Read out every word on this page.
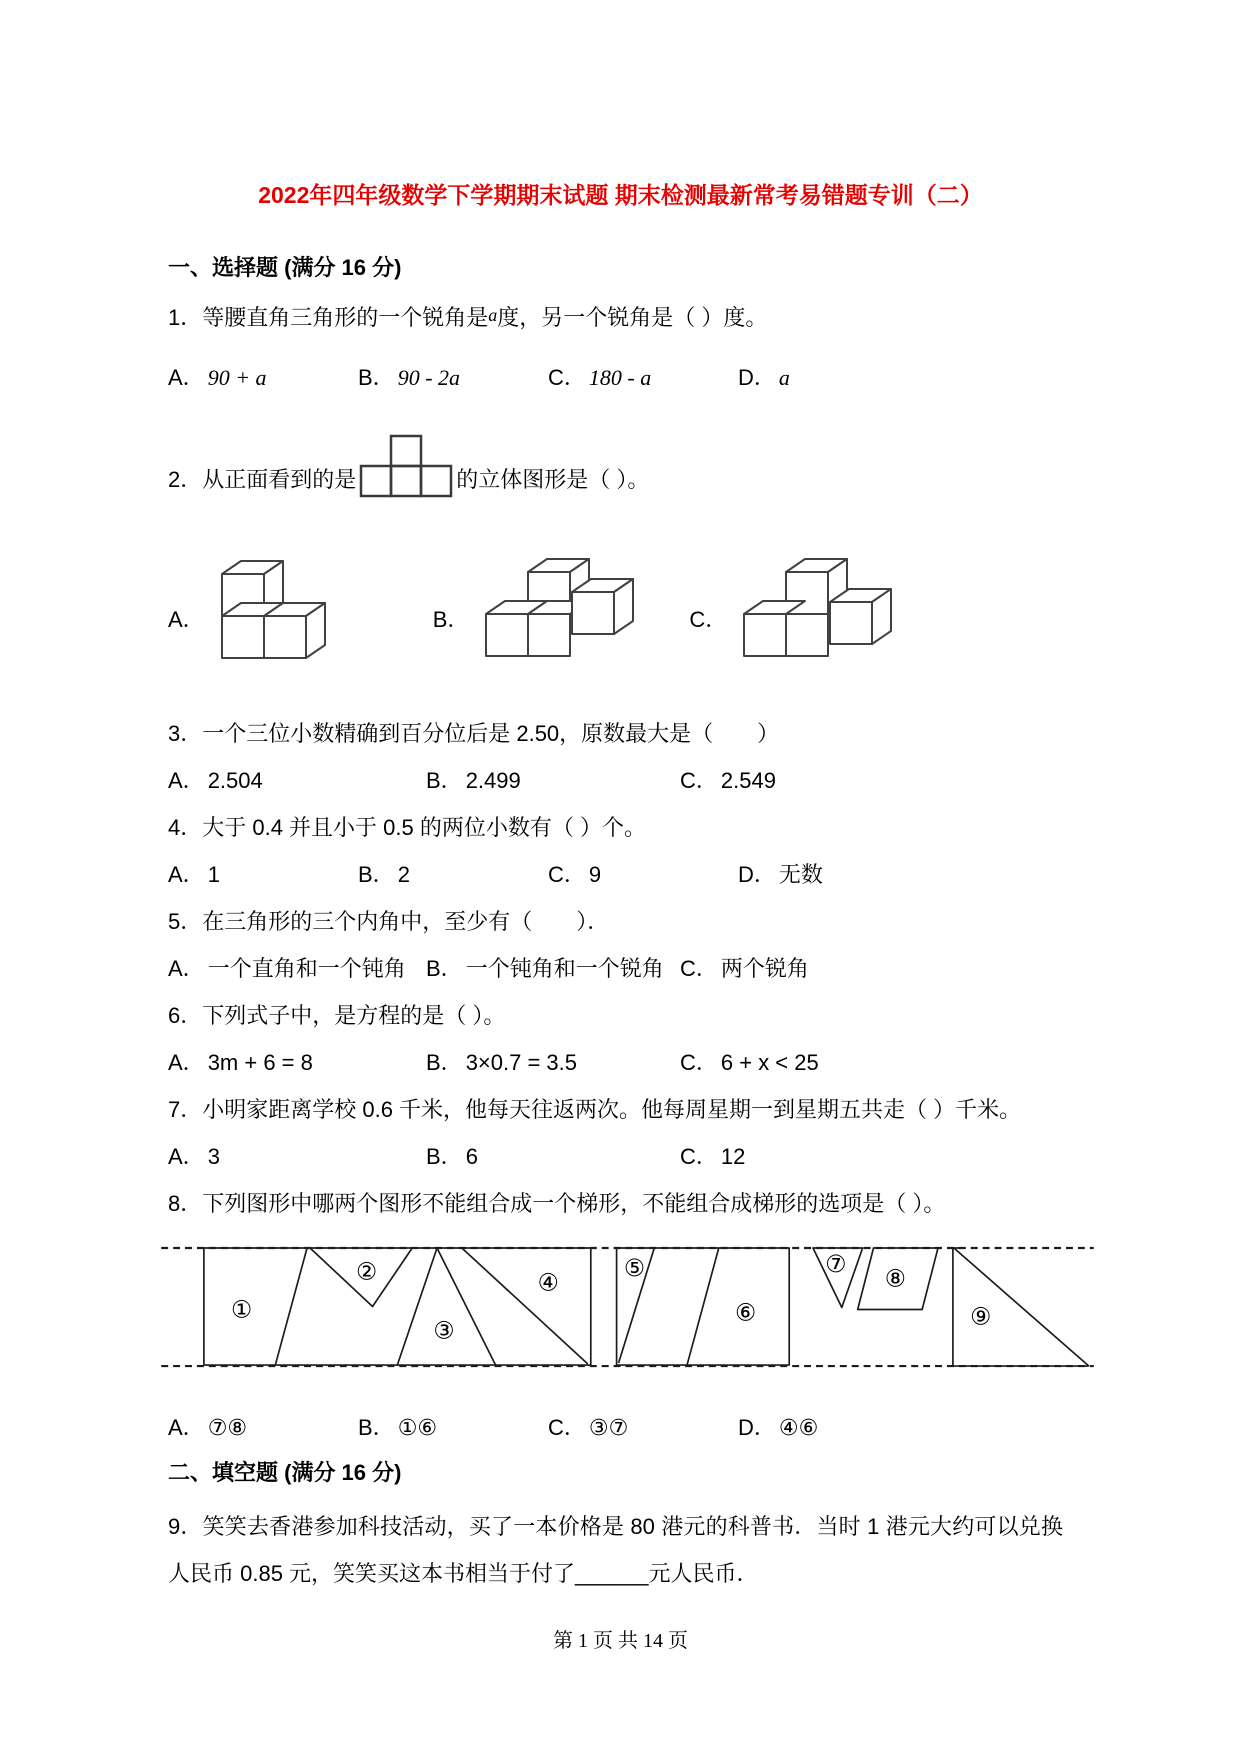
2022年四年级数学下学期期末试题 期末检测最新常考易错题专训（二）
一、选择题 (满分 16 分)

1．等腰直角三角形的一个锐角是a度，另一个锐角是（ ）度。

A． 90 + a	B． 90 - 2a	C． 180 - a	D． a
2．从正面看到的是	的立体图形是（ ）。
A．	B．	C．

3．一个三位小数精确到百分位后是 2.50，原数最大是（　　）

A． 2.504	B． 2.499	C． 2.549

4．大于 0.4 并且小于 0.5 的两位小数有（ ）个。

A． 1	B． 2	C． 9	D． 无数

5．在三角形的三个内角中，至少有（　　）．

A． 一个直角和一个钝角 B． 一个钝角和一个锐角 C． 两个锐角

6．下列式子中，是方程的是（ ）。

A． 3m + 6 = 8	B． 3×0.7 = 3.5	C． 6 + x < 25

7．小明家距离学校 0.6 千米，他每天往返两次。他每周星期一到星期五共走（ ）千米。

A． 3	B． 6	C． 12

8．下列图形中哪两个图形不能组合成一个梯形，不能组合成梯形的选项是（ ）。

①
②
③
④
⑤
⑥
⑦
⑧
⑨
A． ⑦⑧	B． ①⑥	C． ③⑦	D． ④⑥
二、填空题 (满分 16 分)

9．笑笑去香港参加科技活动，买了一本价格是 80 港元的科普书．当时 1 港元大约可以兑换人民币 0.85 元，笑笑买这本书相当于付了______元人民币．

第 1 页 共 14 页
